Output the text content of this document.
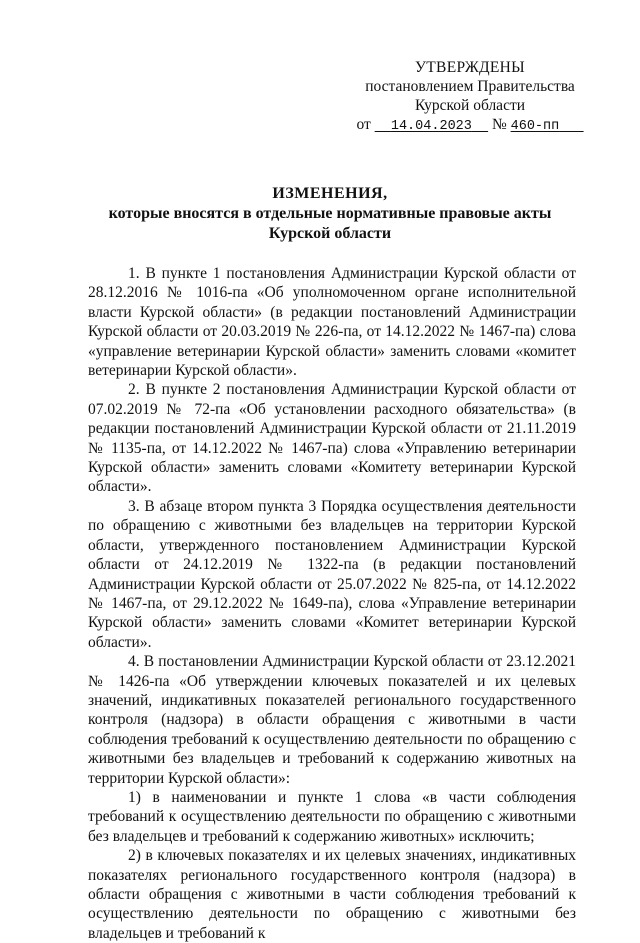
УТВЕРЖДЕНЫ
постановлением Правительства
Курской области
от 14.04.2023 № 460-пп
ИЗМЕНЕНИЯ,
которые вносятся в отдельные нормативные правовые акты
Курской области

1. В пункте 1 постановления Администрации Курской области от 28.12.2016 № 1016-па «Об уполномоченном органе исполнительной власти Курской области» (в редакции постановлений Администрации Курской области от 20.03.2019 № 226-па, от 14.12.2022 № 1467-па) слова «управление ветеринарии Курской области» заменить словами «комитет ветеринарии Курской области».

2. В пункте 2 постановления Администрации Курской области от 07.02.2019 № 72-па «Об установлении расходного обязательства» (в редакции постановлений Администрации Курской области от 21.11.2019 № 1135-па, от 14.12.2022 № 1467-па) слова «Управлению ветеринарии Курской области» заменить словами «Комитету ветеринарии Курской области».

3. В абзаце втором пункта 3 Порядка осуществления деятельности по обращению с животными без владельцев на территории Курской области, утвержденного постановлением Администрации Курской области от 24.12.2019 № 1322-па (в редакции постановлений Администрации Курской области от 25.07.2022 № 825-па, от 14.12.2022 № 1467-па, от 29.12.2022 № 1649-па), слова «Управление ветеринарии Курской области» заменить словами «Комитет ветеринарии Курской области».

4. В постановлении Администрации Курской области от 23.12.2021 № 1426-па «Об утверждении ключевых показателей и их целевых значений, индикативных показателей регионального государственного контроля (надзора) в области обращения с животными в части соблюдения требований к осуществлению деятельности по обращению с животными без владельцев и требований к содержанию животных на территории Курской области»:

1) в наименовании и пункте 1 слова «в части соблюдения требований к осуществлению деятельности по обращению с животными без владельцев и требований к содержанию животных» исключить;

2) в ключевых показателях и их целевых значениях, индикативных показателях регионального государственного контроля (надзора) в области обращения с животными в части соблюдения требований к осуществлению деятельности по обращению с животными без владельцев и требований к
